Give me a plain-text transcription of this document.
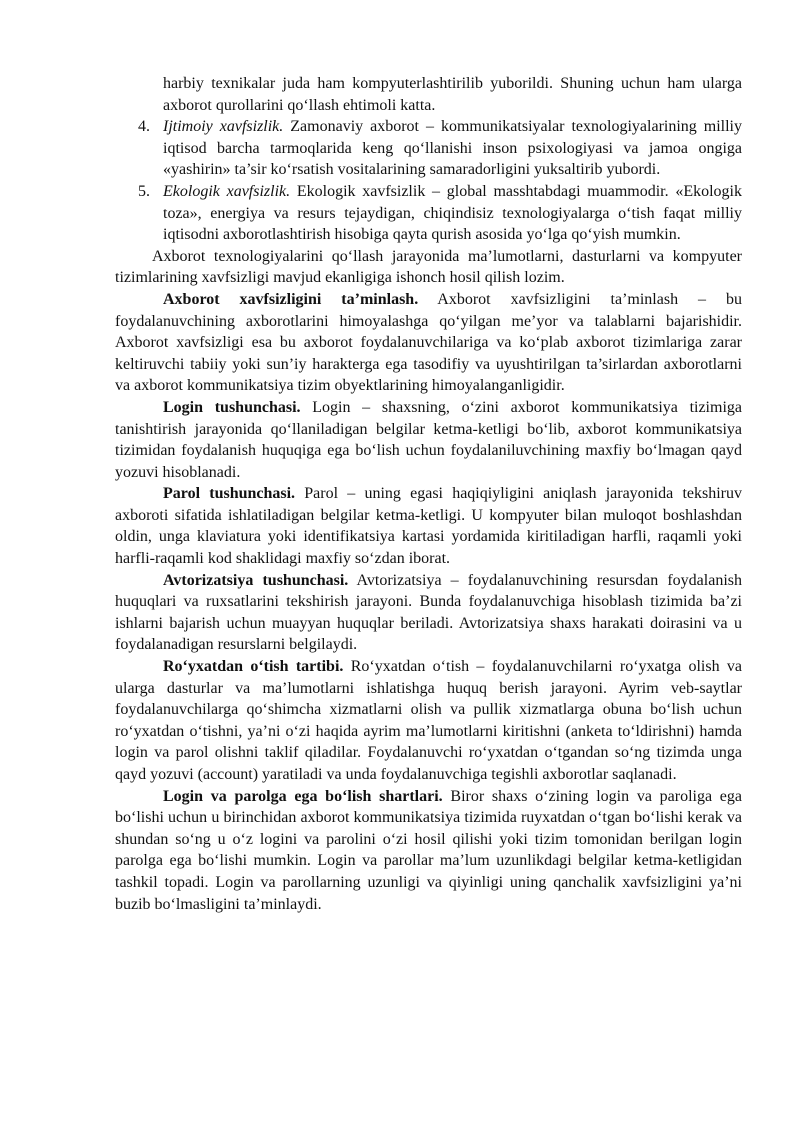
harbiy texnikalar juda ham kompyuterlashtirilib yuborildi. Shuning uchun ham ularga axborot qurollarini qo‘llash ehtimoli katta.
4. Ijtimoiy xavfsizlik. Zamonaviy axborot – kommunikatsiyalar texnologiyalarining milliy iqtisod barcha tarmoqlarida keng qo‘llanishi inson psixologiyasi va jamoa ongiga «yashirin» ta’sir ko‘rsatish vositalarining samaradorligini yuksaltirib yubordi.
5. Ekologik xavfsizlik. Ekologik xavfsizlik – global masshtabdagi muammodir. «Ekologik toza», energiya va resurs tejaydigan, chiqindisiz texnologiyalarga o‘tish faqat milliy iqtisodni axborotlashtirish hisobiga qayta qurish asosida yo‘lga qo‘yish mumkin.

Axborot texnologiyalarini qo‘llash jarayonida ma’lumotlarni, dasturlarni va kompyuter tizimlarining xavfsizligi mavjud ekanligiga ishonch hosil qilish lozim.

Axborot xavfsizligini ta’minlash. Axborot xavfsizligini ta’minlash – bu foydalanuvchining axborotlarini himoyalashga qo‘yilgan me’yor va talablarni bajarishidir. Axborot xavfsizligi esa bu axborot foydalanuvchilariga va ko‘plab axborot tizimlariga zarar keltiruvchi tabiiy yoki sun’iy harakterga ega tasodifiy va uyushtirilgan ta’sirlardan axborotlarni va axborot kommunikatsiya tizim obyektlarining himoyalanganligidir.

Login tushunchasi. Login – shaxsning, o‘zini axborot kommunikatsiya tizimiga tanishtirish jarayonida qo‘llaniladigan belgilar ketma-ketligi bo‘lib, axborot kommunikatsiya tizimidan foydalanish huquqiga ega bo‘lish uchun foydalaniluvchining maxfiy bo‘lmagan qayd yozuvi hisoblanadi.

Parol tushunchasi. Parol – uning egasi haqiqiyligini aniqlash jarayonida tekshiruv axboroti sifatida ishlatiladigan belgilar ketma-ketligi. U kompyuter bilan muloqot boshlashdan oldin, unga klaviatura yoki identifikatsiya kartasi yordamida kiritiladigan harfli, raqamli yoki harfli-raqamli kod shaklidagi maxfiy so‘zdan iborat.

Avtorizatsiya tushunchasi. Avtorizatsiya – foydalanuvchining resursdan foydalanish huquqlari va ruxsatlarini tekshirish jarayoni. Bunda foydalanuvchiga hisoblash tizimida ba’zi ishlarni bajarish uchun muayyan huquqlar beriladi. Avtorizatsiya shaxs harakati doirasini va u foydalanadigan resurslarni belgilaydi.

Ro‘yxatdan o‘tish tartibi. Ro‘yxatdan o‘tish – foydalanuvchilarni ro‘yxatga olish va ularga dasturlar va ma’lumotlarni ishlatishga huquq berish jarayoni. Ayrim veb-saytlar foydalanuvchilarga qo‘shimcha xizmatlarni olish va pullik xizmatlarga obuna bo‘lish uchun ro‘yxatdan o‘tishni, ya’ni o‘zi haqida ayrim ma’lumotlarni kiritishni (anketa to‘ldirishni) hamda login va parol olishni taklif qiladilar. Foydalanuvchi ro‘yxatdan o‘tgandan so‘ng tizimda unga qayd yozuvi (account) yaratiladi va unda foydalanuvchiga tegishli axborotlar saqlanadi.

Login va parolga ega bo‘lish shartlari. Biror shaxs o‘zining login va paroliga ega bo‘lishi uchun u birinchidan axborot kommunikatsiya tizimida ruyxatdan o‘tgan bo‘lishi kerak va shundan so‘ng u o‘z logini va parolini o‘zi hosil qilishi yoki tizim tomonidan berilgan login parolga ega bo‘lishi mumkin. Login va parollar ma’lum uzunlikdagi belgilar ketma-ketligidan tashkil topadi. Login va parollarning uzunligi va qiyinligi uning qanchalik xavfsizligini ya’ni buzib bo‘lmasligini ta’minlaydi.
